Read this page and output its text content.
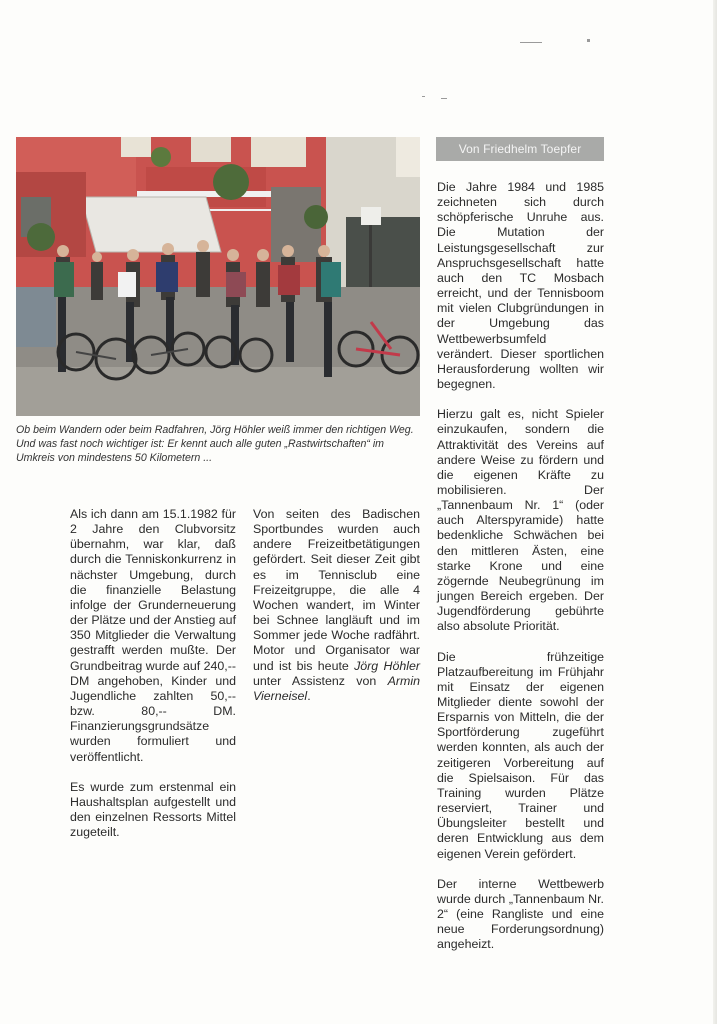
Ob beim Wandern oder beim Radfahren, Jörg Höhler weiß immer den richtigen Weg. Und was fast noch wichtiger ist: Er kennt auch alle guten „Rastwirtschaften“ im Umkreis von mindestens 50 Kilometern ...
Von Friedhelm Toepfer

Die Jahre 1984 und 1985 zeichneten sich durch schöpferische Unruhe aus. Die Mutation der Leistungsgesellschaft zur Anspruchsgesellschaft hatte auch den TC Mosbach erreicht, und der Tennisboom mit vielen Clubgründungen in der Umgebung das Wettbewerbsumfeld verändert. Dieser sportlichen Herausforderung wollten wir begegnen.

Hierzu galt es, nicht Spieler einzukaufen, sondern die Attraktivität des Vereins auf andere Weise zu fördern und die eigenen Kräfte zu mobilisieren. Der „Tannenbaum Nr. 1“ (oder auch Alterspyramide) hatte bedenkliche Schwächen bei den mittleren Ästen, eine starke Krone und eine zögernde Neubegrünung im jungen Bereich ergeben. Der Jugendförderung gebührte also absolute Priorität.

Die frühzeitige Platzaufbereitung im Frühjahr mit Einsatz der eigenen Mitglieder diente sowohl der Ersparnis von Mitteln, die der Sportförderung zugeführt werden konnten, als auch der zeitigeren Vorbereitung auf die Spielsaison. Für das Training wurden Plätze reserviert, Trainer und Übungsleiter bestellt und deren Entwicklung aus dem eigenen Verein gefördert.

Der interne Wettbewerb wurde durch „Tannenbaum Nr. 2“ (eine Rangliste und eine neue Forderungsordnung) angeheizt.

Als ich dann am 15.1.1982 für 2 Jahre den Clubvorsitz übernahm, war klar, daß durch die Tenniskonkurrenz in nächster Umgebung, durch die finanzielle Belastung infolge der Grunderneuerung der Plätze und der Anstieg auf 350 Mitglieder die Verwaltung gestrafft werden mußte. Der Grundbeitrag wurde auf 240,-- DM angehoben, Kinder und Jugendliche zahlten 50,-- bzw. 80,-- DM. Finanzierungsgrundsätze wurden formuliert und veröffentlicht.

Es wurde zum erstenmal ein Haushaltsplan aufgestellt und den einzelnen Ressorts Mittel zugeteilt.

Von seiten des Badischen Sportbundes wurden auch andere Freizeitbetätigungen gefördert. Seit dieser Zeit gibt es im Tennisclub eine Freizeitgruppe, die alle 4 Wochen wandert, im Winter bei Schnee langläuft und im Sommer jede Woche radfährt. Motor und Organisator war und ist bis heute Jörg Höhler unter Assistenz von Armin Vierneisel.
